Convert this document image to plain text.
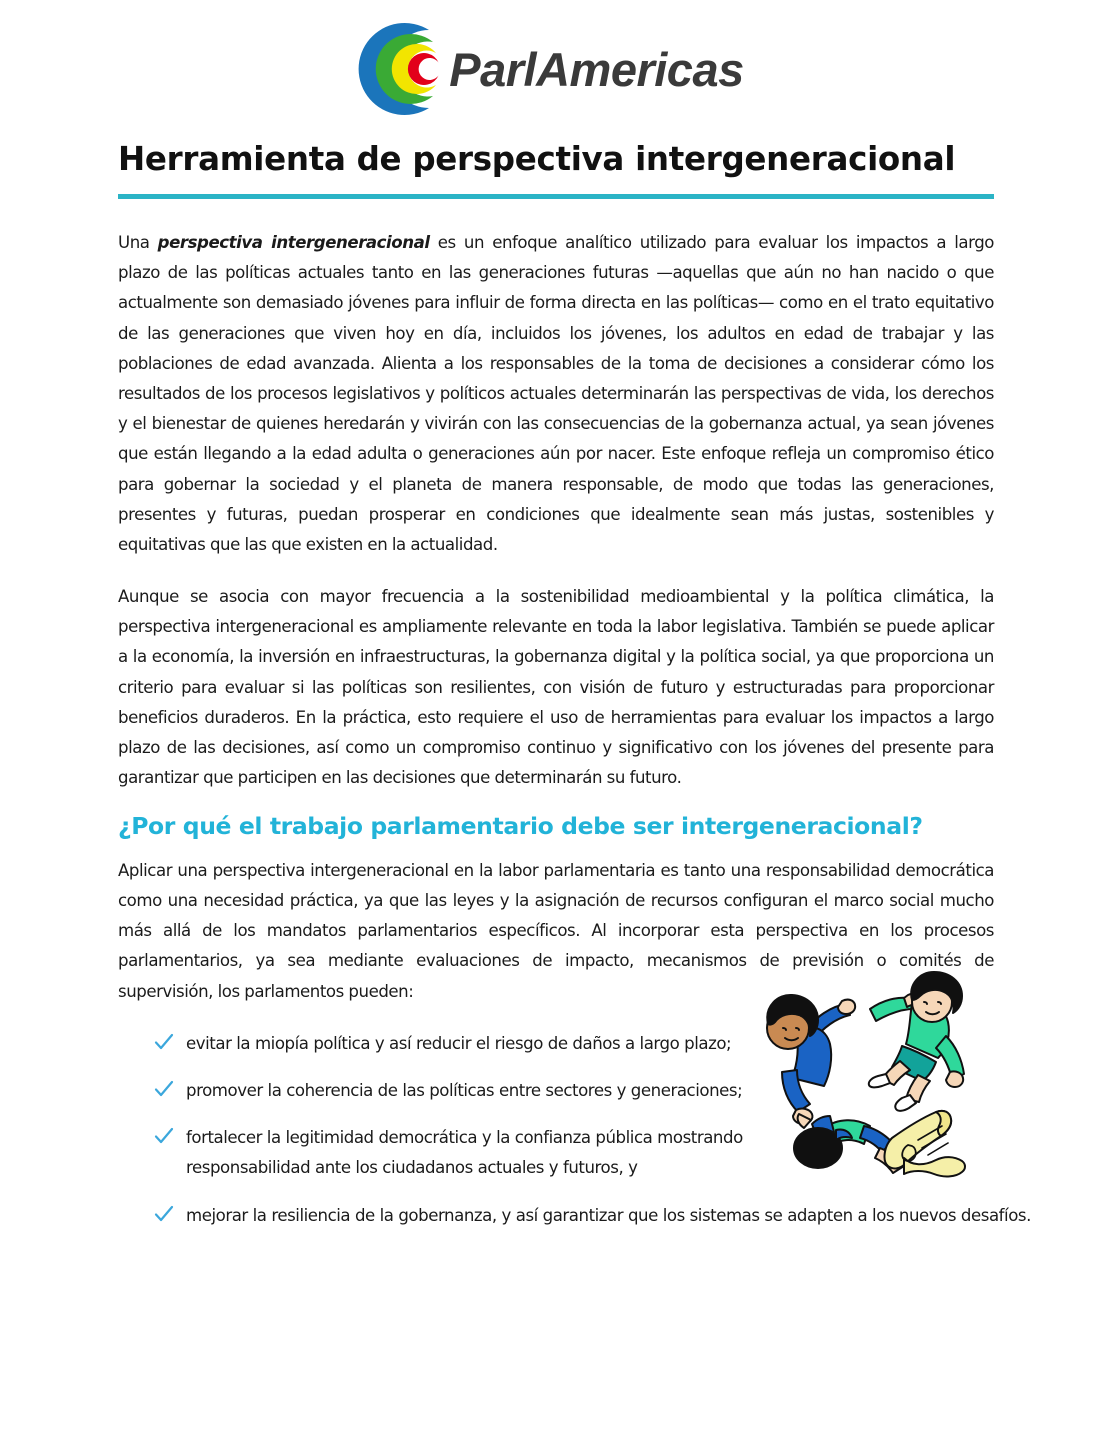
ParlAmericas
Herramienta de perspectiva intergeneracional

Una perspectiva intergeneracional es un enfoque analítico utilizado para evaluar los impactos a largo plazo de las políticas actuales tanto en las generaciones futuras —aquellas que aún no han nacido o que actualmente son demasiado jóvenes para influir de forma directa en las políticas— como en el trato equitativo de las generaciones que viven hoy en día, incluidos los jóvenes, los adultos en edad de trabajar y las poblaciones de edad avanzada. Alienta a los responsables de la toma de decisiones a considerar cómo los resultados de los procesos legislativos y políticos actuales determinarán las perspectivas de vida, los derechos y el bienestar de quienes heredarán y vivirán con las consecuencias de la gobernanza actual, ya sean jóvenes que están llegando a la edad adulta o generaciones aún por nacer. Este enfoque refleja un compromiso ético para gobernar la sociedad y el planeta de manera responsable, de modo que todas las generaciones, presentes y futuras, puedan prosperar en condiciones que idealmente sean más justas, sostenibles y equitativas que las que existen en la actualidad.

Aunque se asocia con mayor frecuencia a la sostenibilidad medioambiental y la política climática, la perspectiva intergeneracional es ampliamente relevante en toda la labor legislativa. También se puede aplicar a la economía, la inversión en infraestructuras, la gobernanza digital y la política social, ya que proporciona un criterio para evaluar si las políticas son resilientes, con visión de futuro y estructuradas para proporcionar beneficios duraderos. En la práctica, esto requiere el uso de herramientas para evaluar los impactos a largo plazo de las decisiones, así como un compromiso continuo y significativo con los jóvenes del presente para garantizar que participen en las decisiones que determinarán su futuro.

¿Por qué el trabajo parlamentario debe ser intergeneracional?

Aplicar una perspectiva intergeneracional en la labor parlamentaria es tanto una responsabilidad democrática como una necesidad práctica, ya que las leyes y la asignación de recursos configuran el marco social mucho más allá de los mandatos parlamentarios específicos. Al incorporar esta perspectiva en los procesos parlamentarios, ya sea mediante evaluaciones de impacto, mecanismos de previsión o comités de supervisión, los parlamentos pueden:

evitar la miopía política y así reducir el riesgo de daños a largo plazo;
promover la coherencia de las políticas entre sectores y generaciones;
fortalecer la legitimidad democrática y la confianza pública mostrando responsabilidad ante los ciudadanos actuales y futuros, y
mejorar la resiliencia de la gobernanza, y así garantizar que los sistemas se adapten a los nuevos desafíos.
